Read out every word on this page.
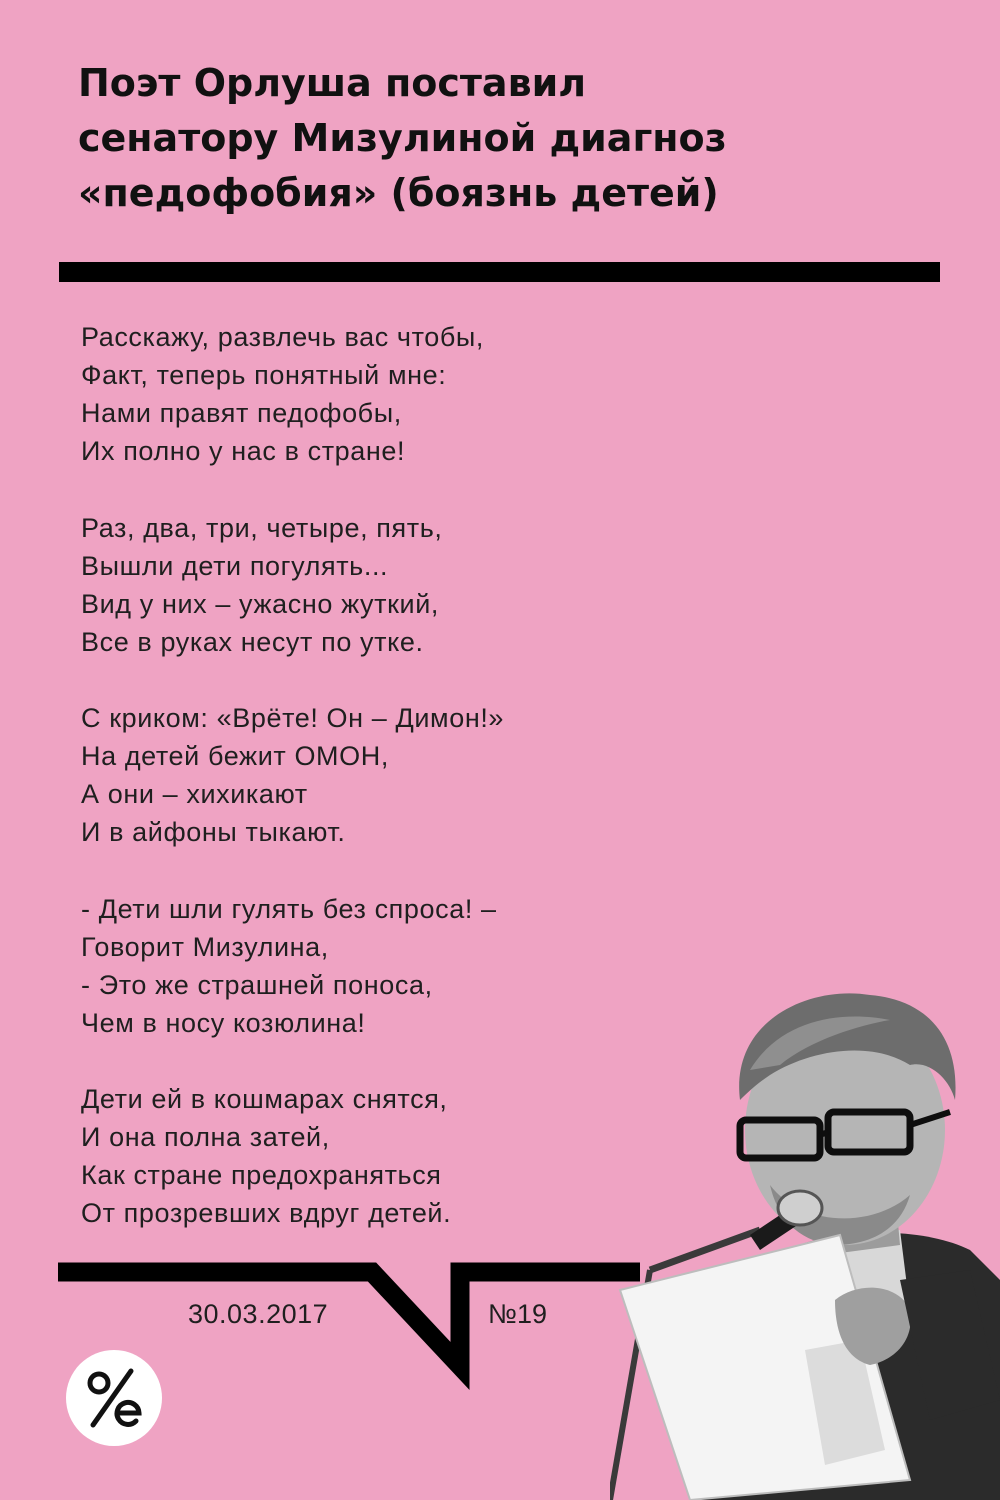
Поэт Орлуша поставил
сенатору Мизулиной диагноз
«педофобия» (боязнь детей)
Расскажу, развлечь вас чтобы,
Факт, теперь понятный мне:
Нами правят педофобы,
Их полно у нас в стране!
Раз, два, три, четыре, пять,
Вышли дети погулять...
Вид у них – ужасно жуткий,
Все в руках несут по утке.
С криком: «Врёте! Он – Димон!»
На детей бежит ОМОН,
А они – хихикают
И в айфоны тыкают.
- Дети шли гулять без спроса! –
Говорит Мизулина,
- Это же страшней поноса,
Чем в носу козюлина!
Дети ей в кошмарах снятся,
И она полна затей,
Как стране предохраняться
От прозревших вдруг детей.
30.03.2017	№19
